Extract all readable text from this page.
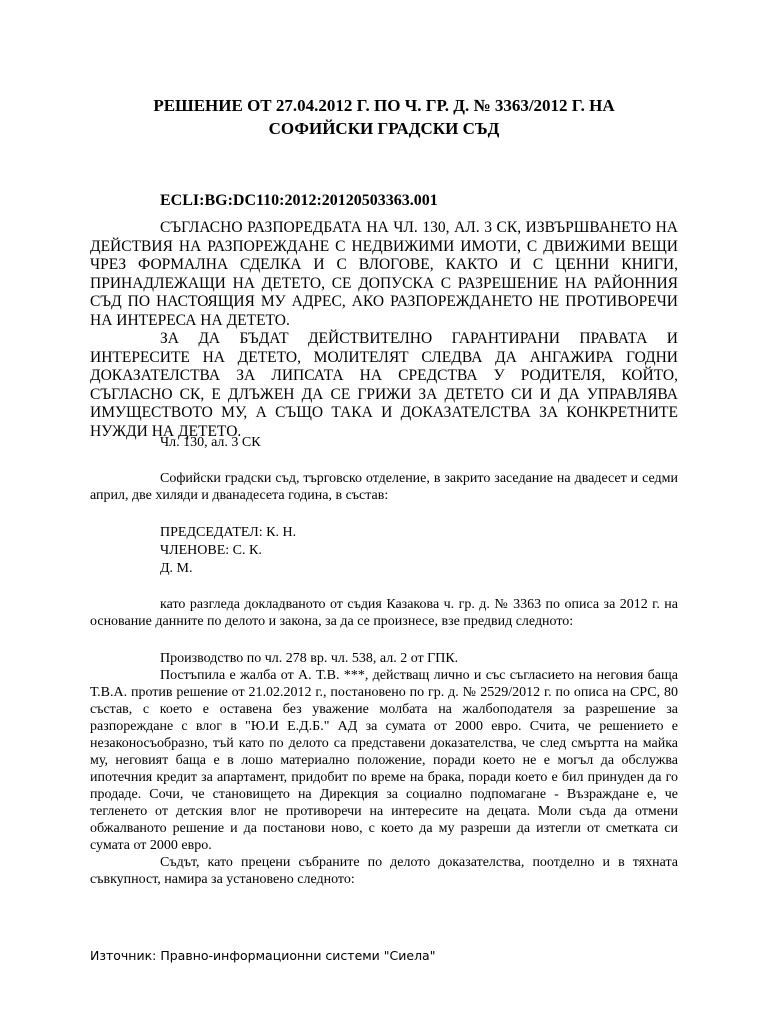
РЕШЕНИЕ ОТ 27.04.2012 Г. ПО Ч. ГР. Д. № 3363/2012 Г. НА
СОФИЙСКИ ГРАДСКИ СЪД

ECLI:BG:DC110:2012:20120503363.001

СЪГЛАСНО РАЗПОРЕДБАТА НА ЧЛ. 130, АЛ. 3 СК, ИЗВЪРШВАНЕТО НА ДЕЙСТВИЯ НА РАЗПОРЕЖДАНЕ С НЕДВИЖИМИ ИМОТИ, С ДВИЖИМИ ВЕЩИ ЧРЕЗ ФОРМАЛНА СДЕЛКА И С ВЛОГОВЕ, КАКТО И С ЦЕННИ КНИГИ, ПРИНАДЛЕЖАЩИ НА ДЕТЕТО, СЕ ДОПУСКА С РАЗРЕШЕНИЕ НА РАЙОННИЯ СЪД ПО НАСТОЯЩИЯ МУ АДРЕС, АКО РАЗПОРЕЖДАНЕТО НЕ ПРОТИВОРЕЧИ НА ИНТЕРЕСА НА ДЕТЕТО.

ЗА ДА БЪДАТ ДЕЙСТВИТЕЛНО ГАРАНТИРАНИ ПРАВАТА И ИНТЕРЕСИТЕ НА ДЕТЕТО, МОЛИТЕЛЯТ СЛЕДВА ДА АНГАЖИРА ГОДНИ ДОКАЗАТЕЛСТВА ЗА ЛИПСАТА НА СРЕДСТВА У РОДИТЕЛЯ, КОЙТО, СЪГЛАСНО СК, Е ДЛЪЖЕН ДА СЕ ГРИЖИ ЗА ДЕТЕТО СИ И ДА УПРАВЛЯВА ИМУЩЕСТВОТО МУ, А СЪЩО ТАКА И ДОКАЗАТЕЛСТВА ЗА КОНКРЕТНИТЕ НУЖДИ НА ДЕТЕТО.

Чл. 130, ал. 3 СК

Софийски градски съд, търговско отделение, в закрито заседание на двадесет и седми април, две хиляди и дванадесета година, в състав:

ПРЕДСЕДАТЕЛ: К. Н.

ЧЛЕНОВЕ: С. К.

Д. М.

като разгледа докладваното от съдия Казакова ч. гр. д. № 3363 по описа за 2012 г. на основание данните по делото и закона, за да се произнесе, взе предвид следното:

Производство по чл. 278 вр. чл. 538, ал. 2 от ГПК.

Постъпила е жалба от А. Т.В. ***, действащ лично и със съгласието на неговия баща Т.В.А. против решение от 21.02.2012 г., постановено по гр. д. № 2529/2012 г. по описа на СРС, 80 състав, с което е оставена без уважение молбата на жалбоподателя за разрешение за разпореждане с влог в "Ю.И Е.Д.Б." АД за сумата от 2000 евро. Счита, че решението е незаконосъобразно, тъй като по делото са представени доказателства, че след смъртта на майка му, неговият баща е в лошо материално положение, поради което не е могъл да обслужва ипотечния кредит за апартамент, придобит по време на брака, поради което е бил принуден да го продаде. Сочи, че становището на Дирекция за социално подпомагане - Възраждане е, че тегленето от детския влог не противоречи на интересите на децата. Моли съда да отмени обжалваното решение и да постанови ново, с което да му разреши да изтегли от сметката си сумата от 2000 евро.

Съдът, като прецени събраните по делото доказателства, поотделно и в тяхната съвкупност, намира за установено следното:

Източник: Правно-информационни системи "Сиела"
